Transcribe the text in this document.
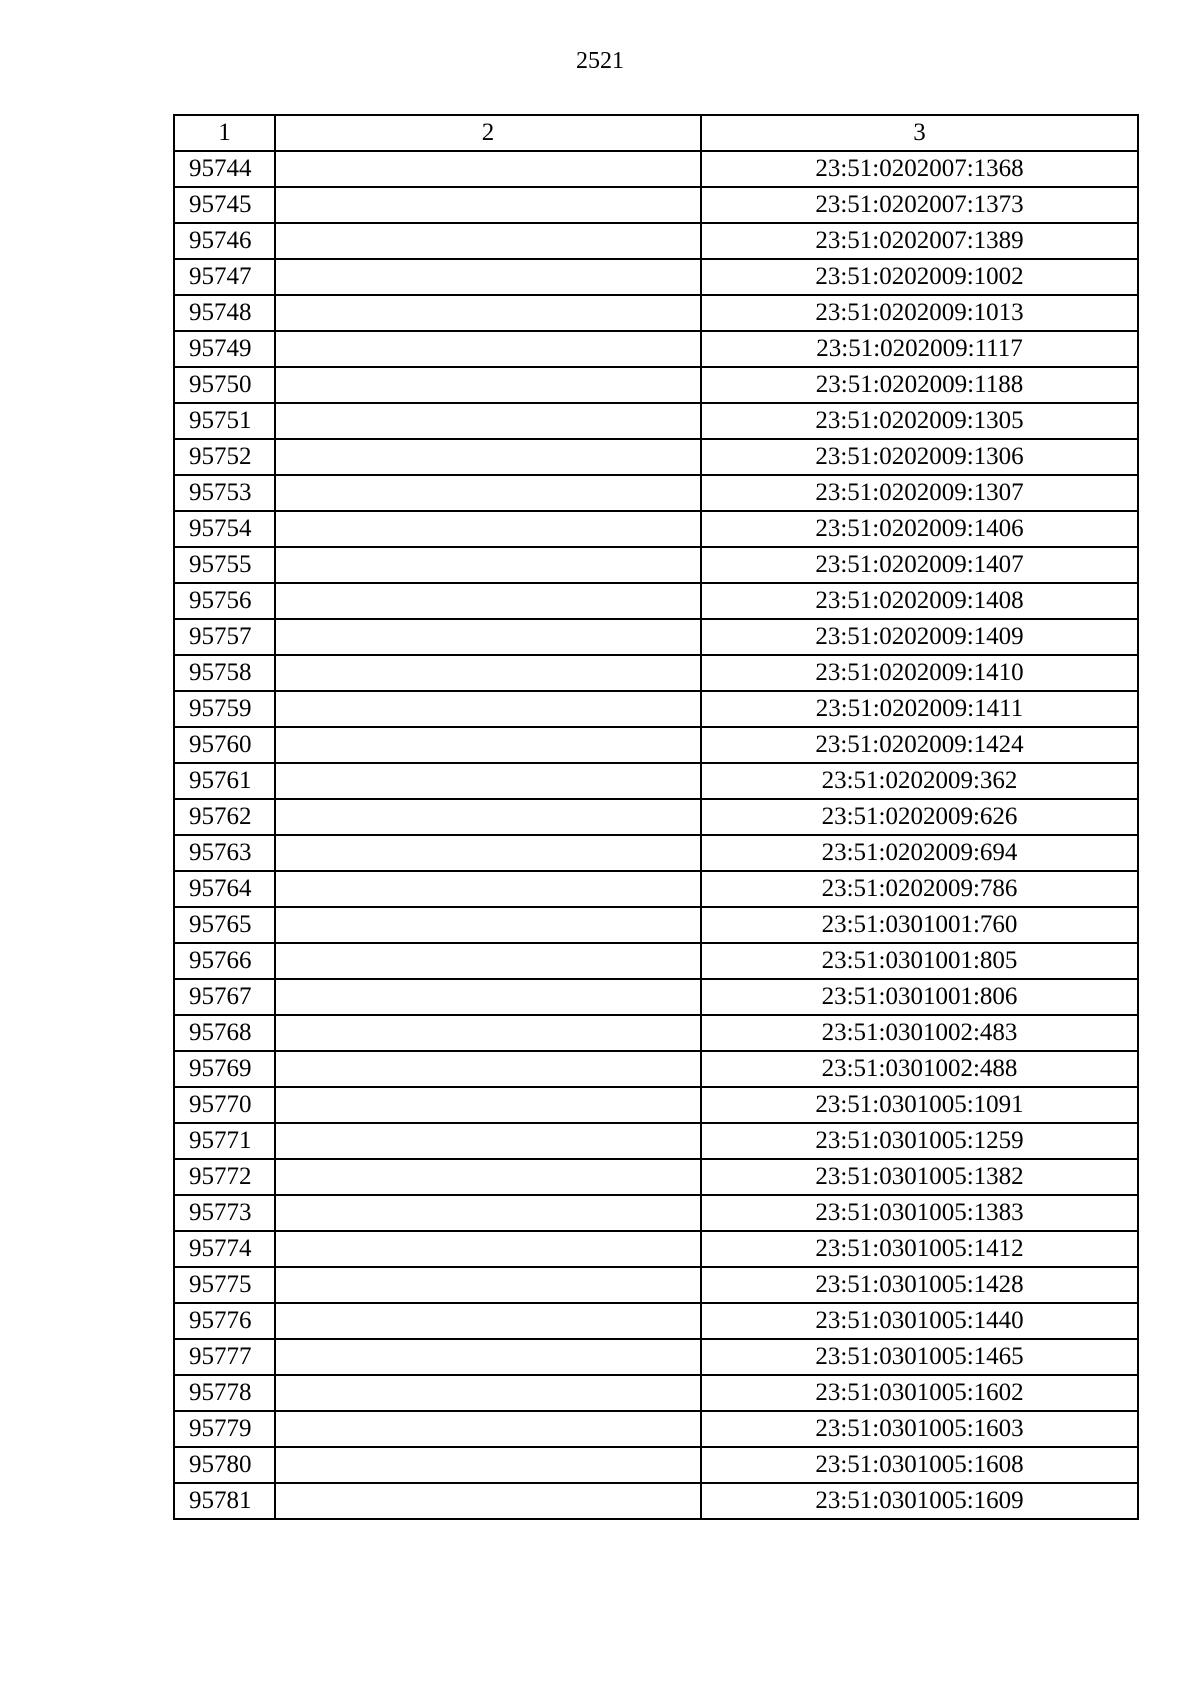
2521
1	2	3
95744		23:51:0202007:1368
95745		23:51:0202007:1373
95746		23:51:0202007:1389
95747		23:51:0202009:1002
95748		23:51:0202009:1013
95749		23:51:0202009:1117
95750		23:51:0202009:1188
95751		23:51:0202009:1305
95752		23:51:0202009:1306
95753		23:51:0202009:1307
95754		23:51:0202009:1406
95755		23:51:0202009:1407
95756		23:51:0202009:1408
95757		23:51:0202009:1409
95758		23:51:0202009:1410
95759		23:51:0202009:1411
95760		23:51:0202009:1424
95761		23:51:0202009:362
95762		23:51:0202009:626
95763		23:51:0202009:694
95764		23:51:0202009:786
95765		23:51:0301001:760
95766		23:51:0301001:805
95767		23:51:0301001:806
95768		23:51:0301002:483
95769		23:51:0301002:488
95770		23:51:0301005:1091
95771		23:51:0301005:1259
95772		23:51:0301005:1382
95773		23:51:0301005:1383
95774		23:51:0301005:1412
95775		23:51:0301005:1428
95776		23:51:0301005:1440
95777		23:51:0301005:1465
95778		23:51:0301005:1602
95779		23:51:0301005:1603
95780		23:51:0301005:1608
95781		23:51:0301005:1609
